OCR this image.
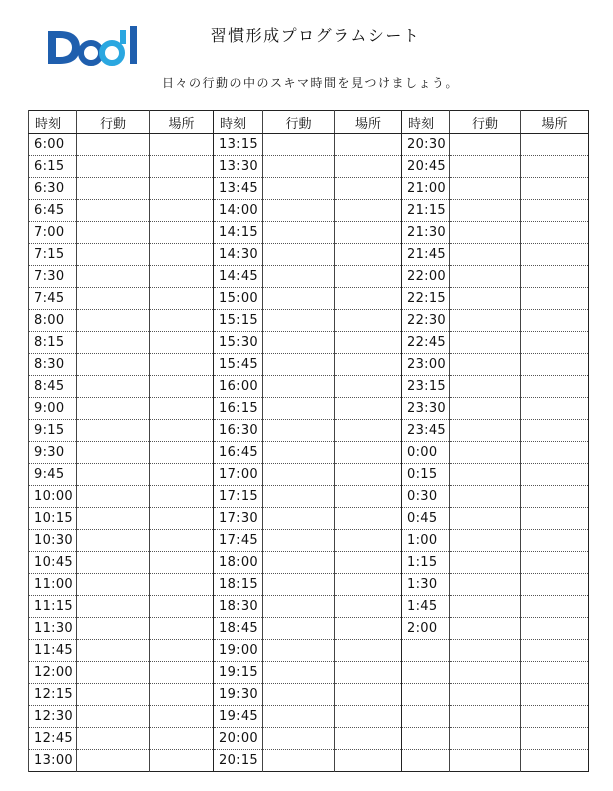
習慣形成プログラムシート
日々の行動の中のスキマ時間を見つけましょう。
時刻	行動	場所	時刻	行動	場所	時刻	行動	場所
6:00			13:15			20:30		
6:15			13:30			20:45		
6:30			13:45			21:00		
6:45			14:00			21:15		
7:00			14:15			21:30		
7:15			14:30			21:45		
7:30			14:45			22:00		
7:45			15:00			22:15		
8:00			15:15			22:30		
8:15			15:30			22:45		
8:30			15:45			23:00		
8:45			16:00			23:15		
9:00			16:15			23:30		
9:15			16:30			23:45		
9:30			16:45			0:00		
9:45			17:00			0:15		
10:00			17:15			0:30		
10:15			17:30			0:45		
10:30			17:45			1:00		
10:45			18:00			1:15		
11:00			18:15			1:30		
11:15			18:30			1:45		
11:30			18:45			2:00		
11:45			19:00					
12:00			19:15					
12:15			19:30					
12:30			19:45					
12:45			20:00					
13:00			20:15					
